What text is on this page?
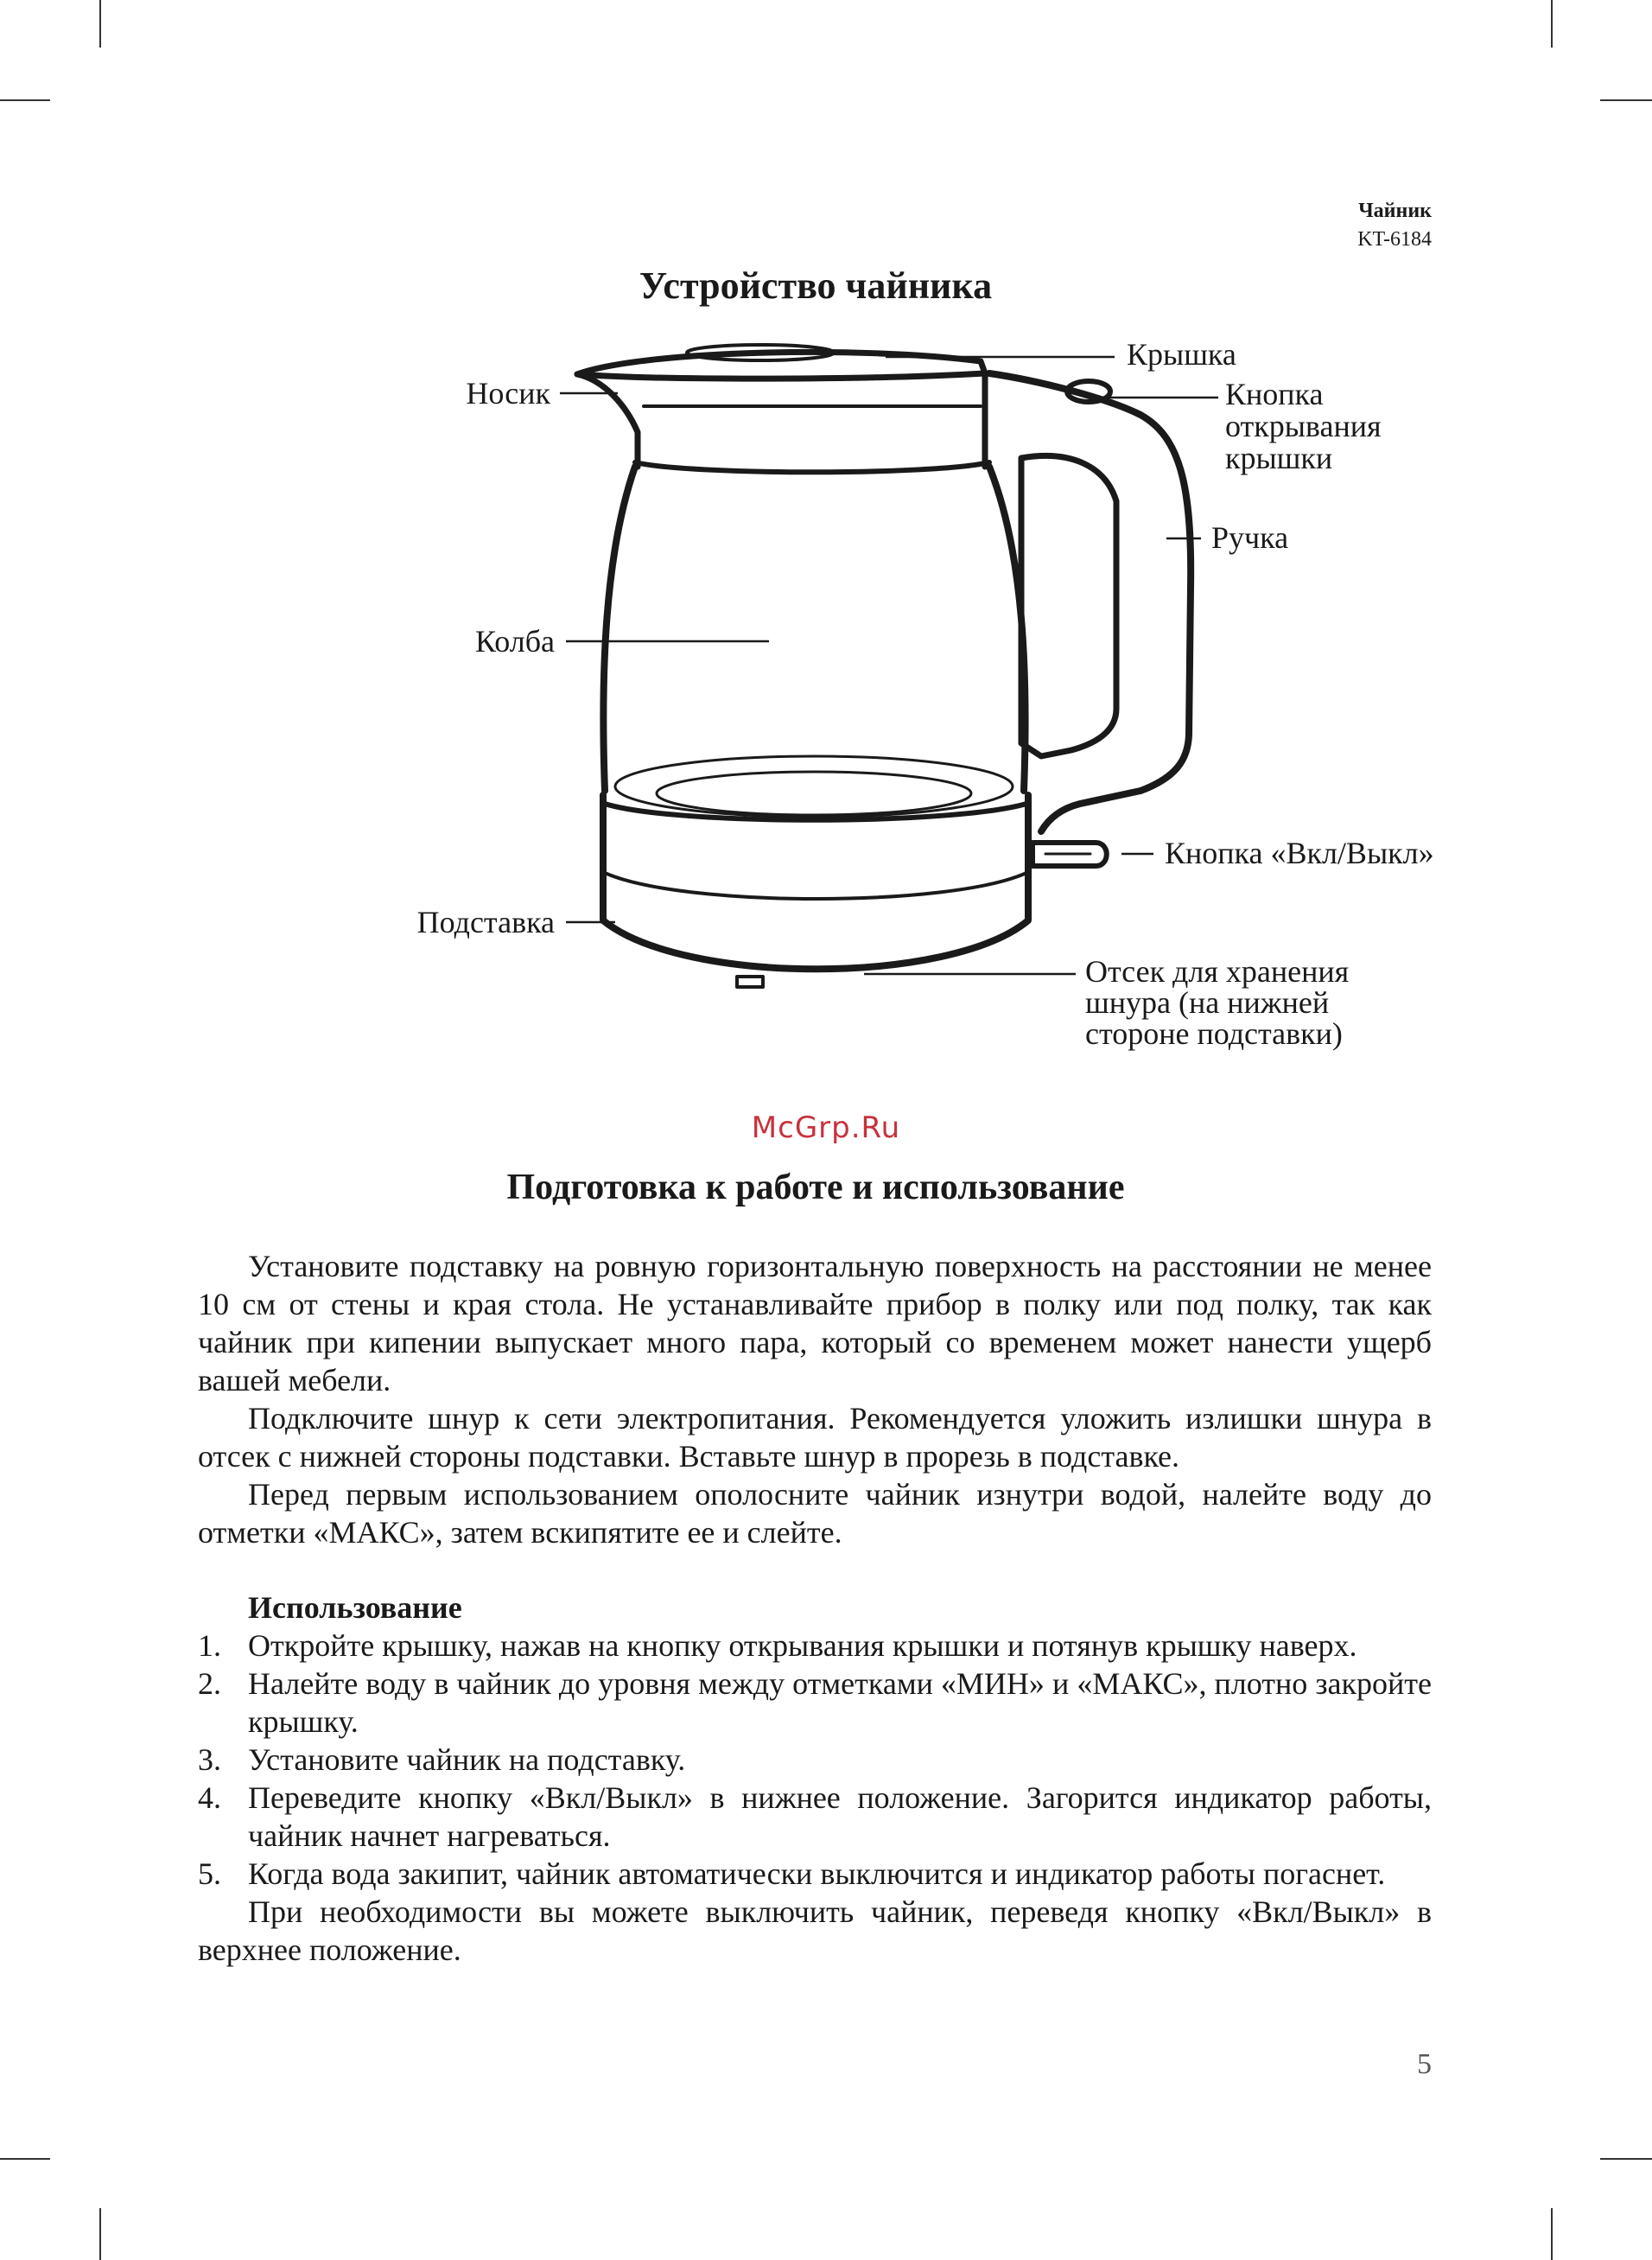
Чайник
KT-6184
Устройство чайника
Носик
Крышка
Кнопка
открывания
крышки
Ручка
Колба
Кнопка «Вкл/Выкл»
Подставка
Отсек для хранения
шнура (на нижней
стороне подставки)
McGrp.Ru
Подготовка к работе и использование

Установите подставку на ровную горизонтальную поверхность на расстоянии не менее 10 см от стены и края стола. Не устанавливайте прибор в полку или под полку, так как чайник при кипении выпускает много пара, который со временем может нанести ущерб вашей мебели.

Подключите шнур к сети электропитания. Рекомендуется уложить излишки шнура в отсек с нижней стороны подставки. Вставьте шнур в прорезь в подставке.

Перед первым использованием ополосните чайник изнутри водой, налейте воду до отметки «МАКС», затем вскипятите ее и слейте.

Использование
1. Откройте крышку, нажав на кнопку открывания крышки и потянув крышку наверх.
2. Налейте воду в чайник до уровня между отметками «МИН» и «МАКС», плотно закройте крышку.
3. Установите чайник на подставку.
4. Переведите кнопку «Вкл/Выкл» в нижнее положение. Загорится индикатор работы, чайник начнет нагреваться.
5. Когда вода закипит, чайник автоматически выключится и индикатор работы погаснет.

При необходимости вы можете выключить чайник, переведя кнопку «Вкл/Выкл» в верхнее положение.

5
